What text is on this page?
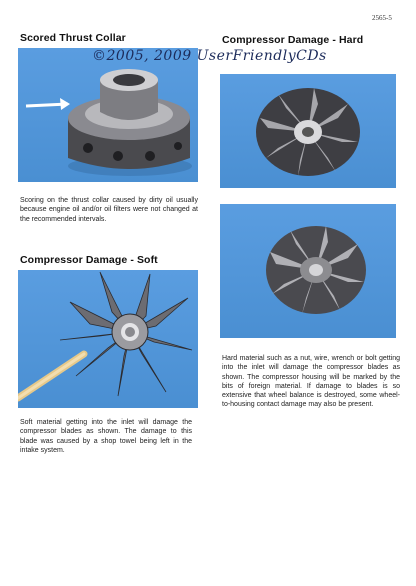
2565-5
Scored Thrust Collar
Scoring on the thrust collar caused by dirty oil usually because engine oil and/or oil filters were not changed at the recommended intervals.
Compressor Damage - Soft
Soft material getting into the inlet will damage the compressor blades as shown. The damage to this blade was caused by a shop towel being left in the intake system.
Compressor Damage - Hard
Hard material such as a nut, wire, wrench or bolt getting into the inlet will damage the compressor blades as shown. The compressor housing will be marked by the bits of foreign material. If damage to blades is so extensive that wheel balance is destroyed, some wheel-to-housing contact damage may also be present.
©2005, 2009 UserFriendlyCDs
